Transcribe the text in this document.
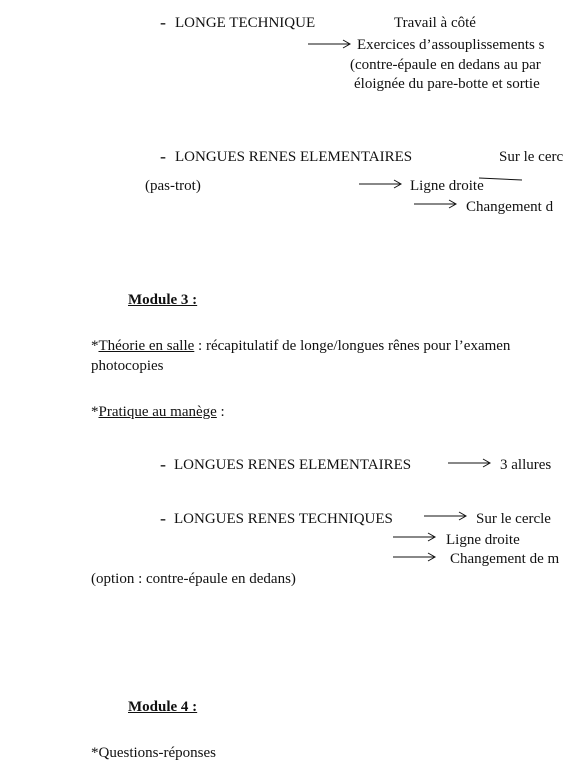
- LONGE TECHNIQUE	Travail à côté
Exercices d’assouplissements s
(contre-épaule en dedans au par
éloignée du pare-botte et sortie
- LONGUES RENES ELEMENTAIRES	Sur le cerc
(pas-trot)	Ligne droite
Changement d
Module 3 :
*Théorie en salle : récapitulatif de longe/longues rênes pour l’examen
photocopies
*Pratique au manège :
- LONGUES RENES ELEMENTAIRES	3 allures
- LONGUES RENES TECHNIQUES	Sur le cercle
Ligne droite
Changement de m
(option : contre-épaule en dedans)
Module 4 :
*Questions-réponses
